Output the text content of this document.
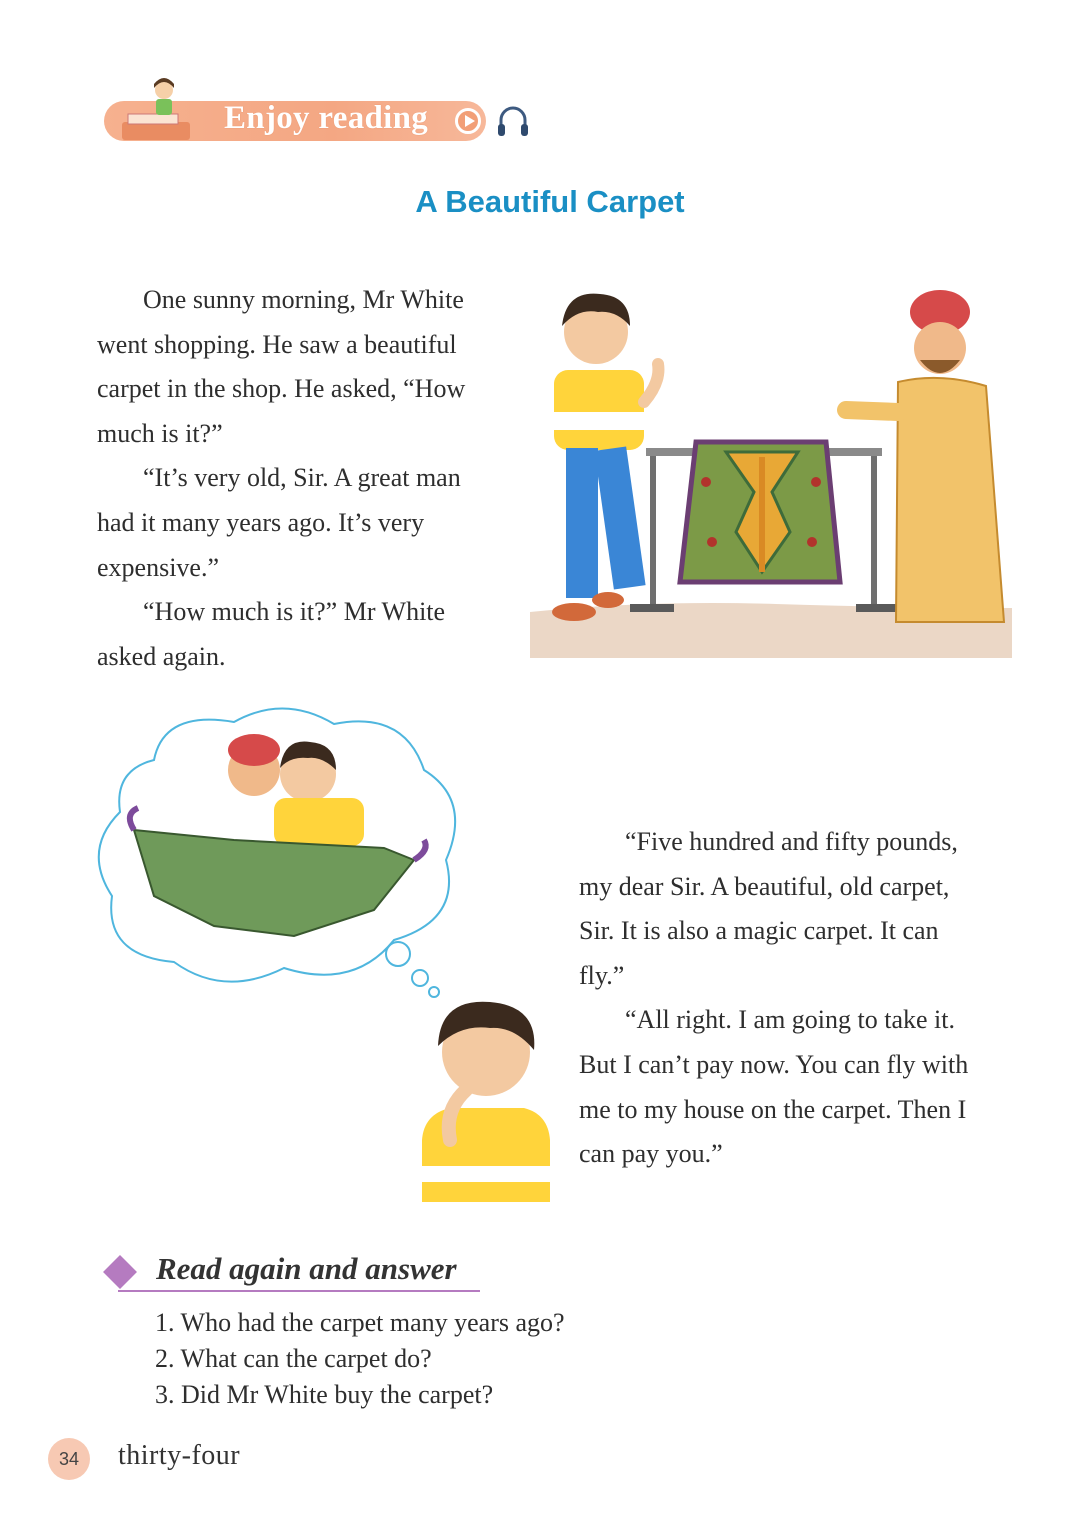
Enjoy reading
A Beautiful Carpet

One sunny morning, Mr White
went shopping. He saw a beautiful
carpet in the shop. He asked, “How
much is it?”

“It’s very old, Sir. A great man
had it many years ago. It’s very
expensive.”

“How much is it?” Mr White
asked again.

“Five hundred and fifty pounds,
my dear Sir. A beautiful, old carpet,
Sir. It is also a magic carpet. It can
fly.”

“All right. I am going to take it.
But I can’t pay now. You can fly with
me to my house on the carpet. Then I
can pay you.”

Read again and answer
1. Who had the carpet many years ago?
2. What can the carpet do?
3. Did Mr White buy the carpet?
34	thirty-four
